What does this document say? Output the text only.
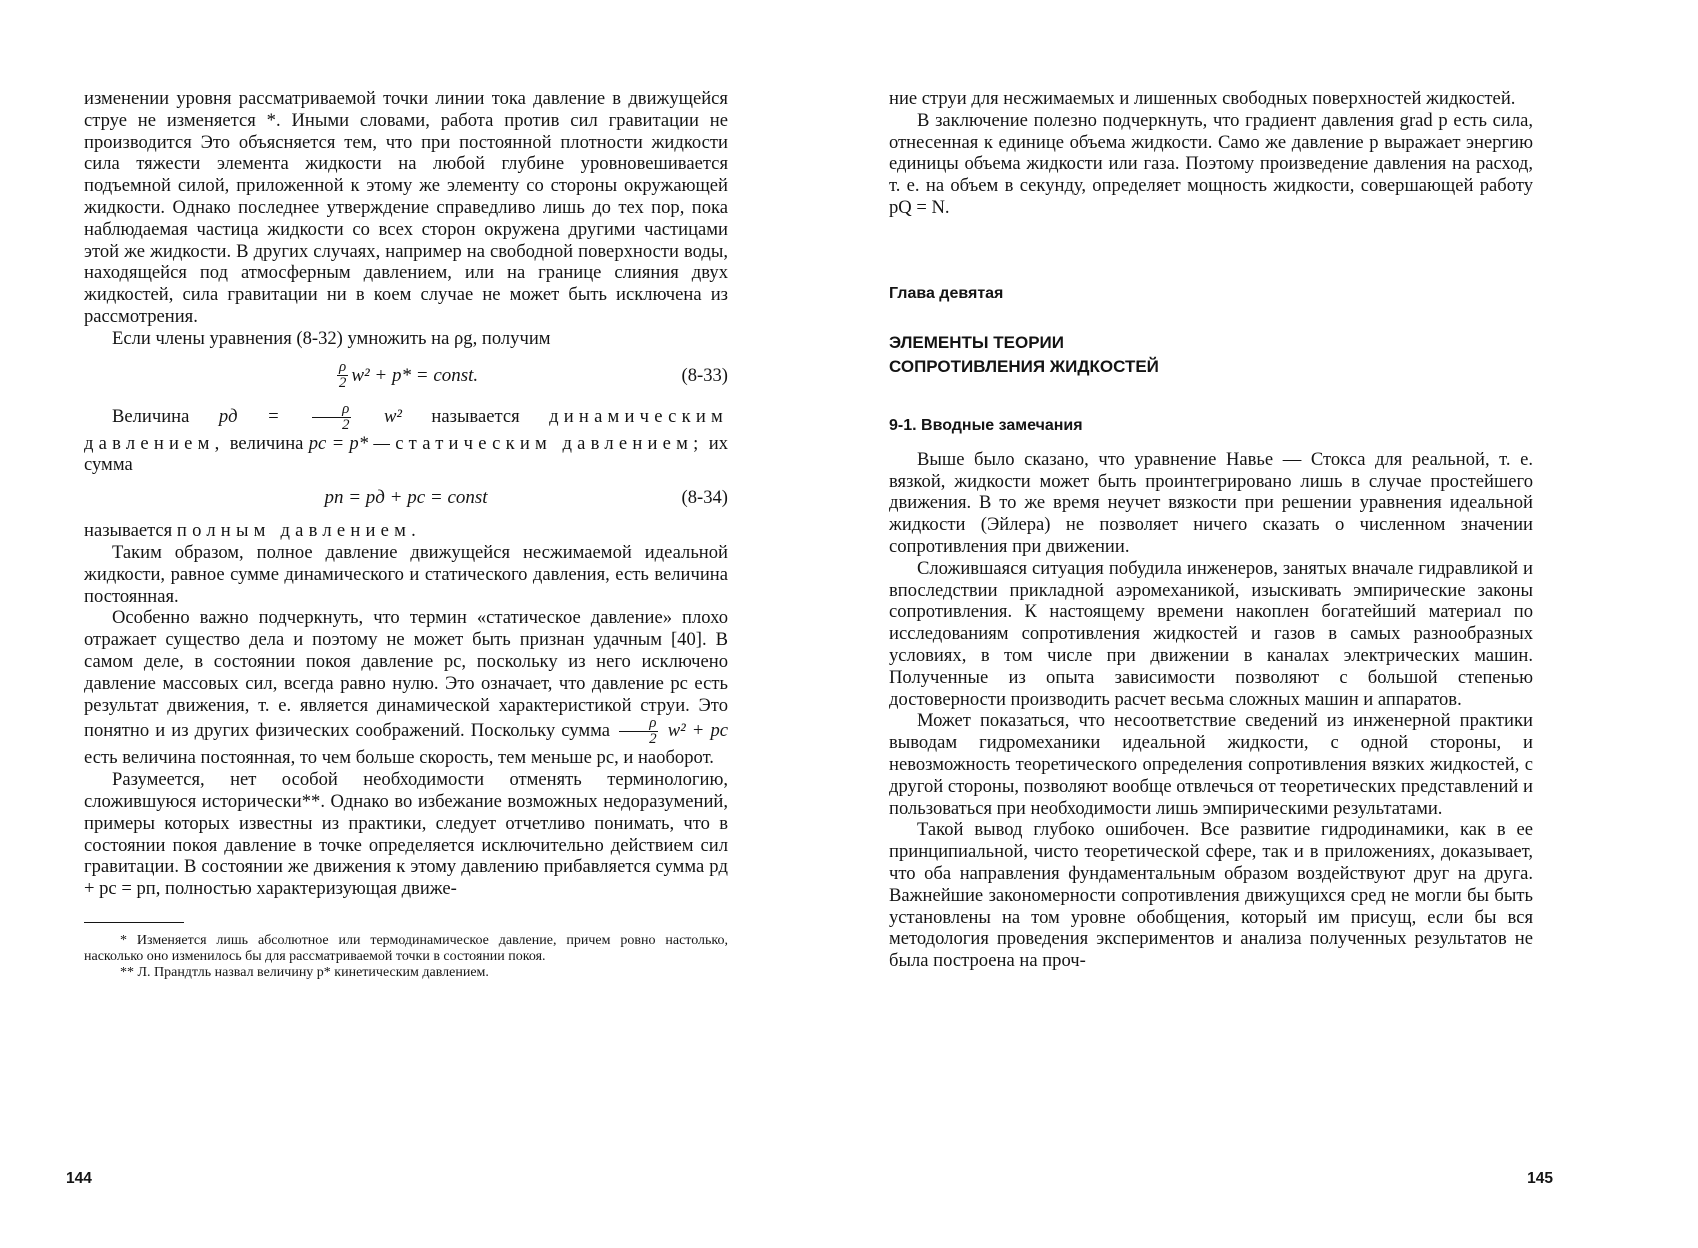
изменении уровня рассматриваемой точки линии тока давление в движущейся струе не изменяется *. Иными словами, работа против сил гравитации не производится Это объясняется тем, что при постоянной плотности жидкости сила тяжести элемента жидкости на любой глубине уровновешивается подъемной силой, приложенной к этому же элементу со стороны окружающей жидкости. Однако последнее утверждение справедливо лишь до тех пор, пока наблюдаемая частица жидкости со всех сторон окружена другими частицами этой же жидкости. В других случаях, например на свободной поверхности воды, находящейся под атмосферным давлением, или на границе слияния двух жидкостей, сила гравитации ни в коем случае не может быть исключена из рассмотрения.

Если члены уравнения (8-32) умножить на ρg, получим

$\frac{\rho}{2} w^2 + p*$ = const.	(8-33)

Величина pд = $\frac{\rho}{2} w^2$ называется динамическим давлением, величина pс = p* — статическим давлением; их сумма

pп = pд + pс = const	(8-34)

называется полным давлением.

Таким образом, полное давление движущейся несжимаемой идеальной жидкости, равное сумме динамического и статического давления, есть величина постоянная.

Особенно важно подчеркнуть, что термин «статическое давление» плохо отражает существо дела и поэтому не может быть признан удачным [40]. В самом деле, в состоянии покоя давление pс, поскольку из него исключено давление массовых сил, всегда равно нулю. Это означает, что давление pс есть результат движения, т. е. является динамической характеристикой струи. Это понятно и из других физических соображений. Поскольку сумма $\frac{\rho}{2} w^2$ + pс есть величина постоянная, то чем больше скорость, тем меньше pс, и наоборот.

Разумеется, нет особой необходимости отменять терминологию, сложившуюся исторически**. Однако во избежание возможных недоразумений, примеры которых известны из практики, следует отчетливо понимать, что в состоянии покоя давление в точке определяется исключительно действием сил гравитации. В состоянии же движения к этому давлению прибавляется сумма pд + pс = pп, полностью характеризующая движе-

* Изменяется лишь абсолютное или термодинамическое давление, причем ровно настолько, насколько оно изменилось бы для рассматриваемой точки в состоянии покоя.
** Л. Прандтль назвал величину p* кинетическим давлением.
144

ние струи для несжимаемых и лишенных свободных поверхностей жидкостей.

В заключение полезно подчеркнуть, что градиент давления grad p есть сила, отнесенная к единице объема жидкости. Само же давление p выражает энергию единицы объема жидкости или газа. Поэтому произведение давления на расход, т. е. на объем в секунду, определяет мощность жидкости, совершающей работу pQ = N.

Глава девятая
ЭЛЕМЕНТЫ ТЕОРИИ
СОПРОТИВЛЕНИЯ ЖИДКОСТЕЙ
9-1. Вводные замечания

Выше было сказано, что уравнение Навье — Стокса для реальной, т. е. вязкой, жидкости может быть проинтегрировано лишь в случае простейшего движения. В то же время неучет вязкости при решении уравнения идеальной жидкости (Эйлера) не позволяет ничего сказать о численном значении сопротивления при движении.

Сложившаяся ситуация побудила инженеров, занятых вначале гидравликой и впоследствии прикладной аэромеханикой, изыскивать эмпирические законы сопротивления. К настоящему времени накоплен богатейший материал по исследованиям сопротивления жидкостей и газов в самых разнообразных условиях, в том числе при движении в каналах электрических машин. Полученные из опыта зависимости позволяют с большой степенью достоверности производить расчет весьма сложных машин и аппаратов.

Может показаться, что несоответствие сведений из инженерной практики выводам гидромеханики идеальной жидкости, с одной стороны, и невозможность теоретического определения сопротивления вязких жидкостей, с другой стороны, позволяют вообще отвлечься от теоретических представлений и пользоваться при необходимости лишь эмпирическими результатами.

Такой вывод глубоко ошибочен. Все развитие гидродинамики, как в ее принципиальной, чисто теоретической сфере, так и в приложениях, доказывает, что оба направления фундаментальным образом воздействуют друг на друга. Важнейшие закономерности сопротивления движущихся сред не могли бы быть установлены на том уровне обобщения, который им присущ, если бы вся методология проведения экспериментов и анализа полученных результатов не была построена на проч-

145
